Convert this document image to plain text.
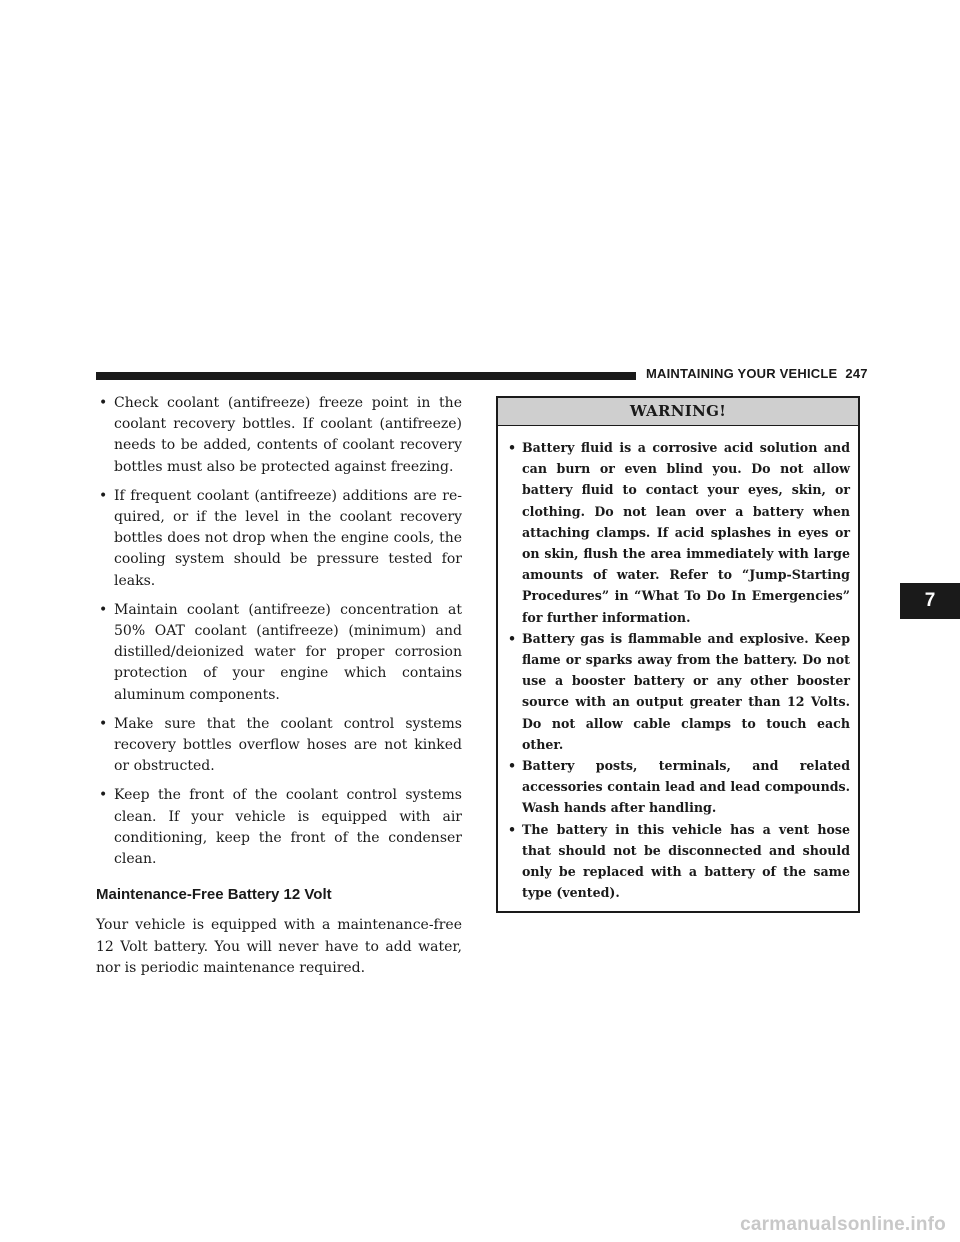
MAINTAINING YOUR VEHICLE 247
• Check coolant (antifreeze) freeze point in the coolant recovery bottles. If coolant (antifreeze) needs to be added, contents of coolant recovery bottles must also be protected against freezing.
• If frequent coolant (antifreeze) additions are re-quired, or if the level in the coolant recovery bottles does not drop when the engine cools, the cooling system should be pressure tested for leaks.
• Maintain coolant (antifreeze) concentration at 50% OAT coolant (antifreeze) (minimum) and distilled/deionized water for proper corrosion protection of your engine which contains aluminum components.
• Make sure that the coolant control systems recovery bottles overflow hoses are not kinked or obstructed.
• Keep the front of the coolant control systems clean. If your vehicle is equipped with air conditioning, keep the front of the condenser clean.
Maintenance-Free Battery 12 Volt

Your vehicle is equipped with a maintenance-free 12 Volt battery. You will never have to add water, nor is periodic maintenance required.

WARNING!
• Battery fluid is a corrosive acid solution and can burn or even blind you. Do not allow battery fluid to contact your eyes, skin, or clothing. Do not lean over a battery when attaching clamps. If acid splashes in eyes or on skin, flush the area immediately with large amounts of water. Refer to “Jump-Starting Procedures” in “What To Do In Emergencies” for further information.
• Battery gas is flammable and explosive. Keep flame or sparks away from the battery. Do not use a booster battery or any other booster source with an output greater than 12 Volts. Do not allow cable clamps to touch each other.
• Battery posts, terminals, and related accessories contain lead and lead compounds. Wash hands after handling.
• The battery in this vehicle has a vent hose that should not be disconnected and should only be replaced with a battery of the same type (vented).
7
carmanualsonline.info
